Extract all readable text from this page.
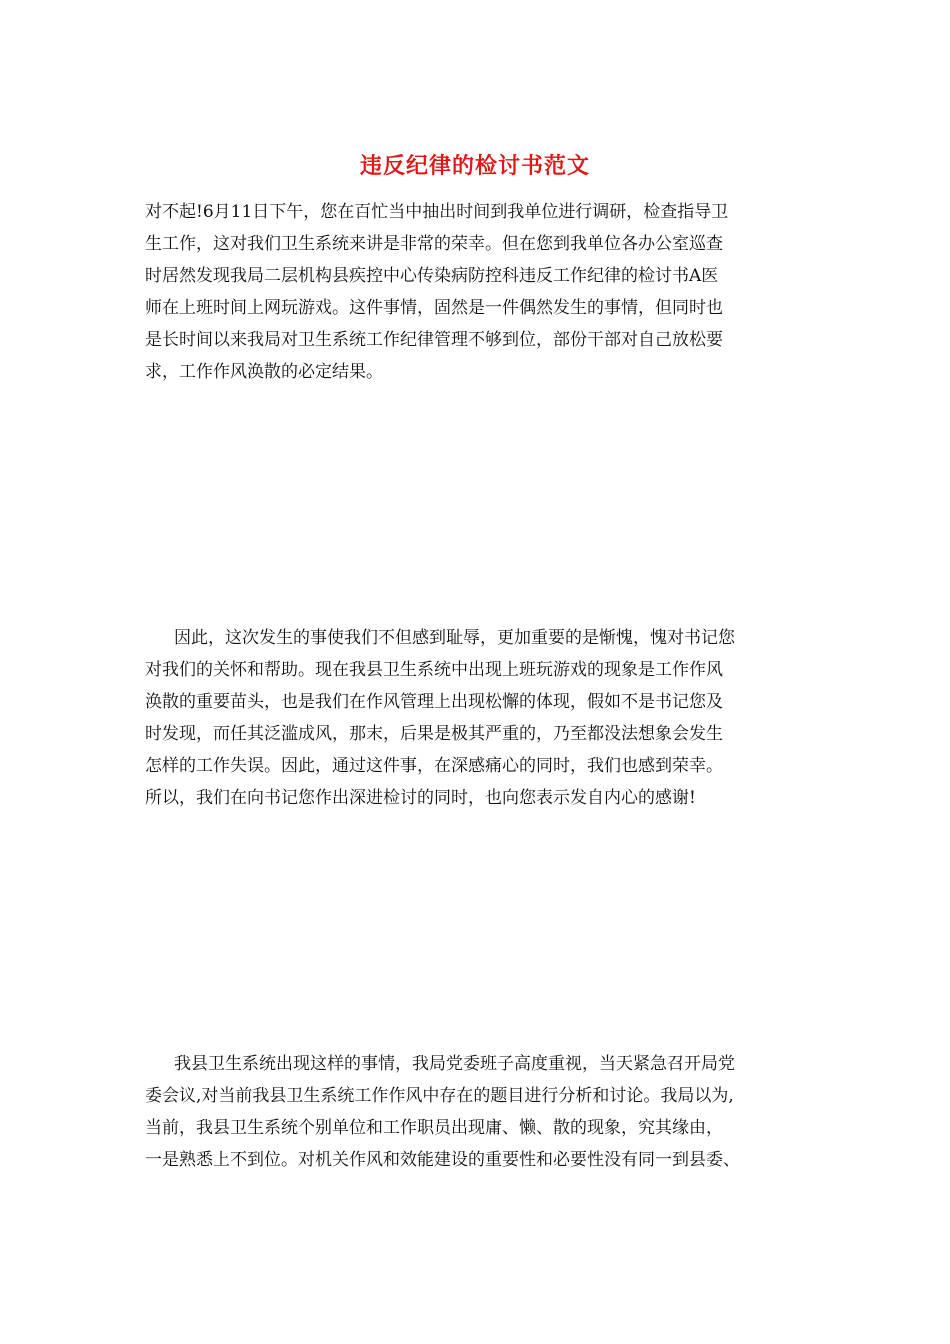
违反纪律的检讨书范文
对不起!6月11日下午，您在百忙当中抽出时间到我单位进行调研，检查指导卫
生工作，这对我们卫生系统来讲是非常的荣幸。但在您到我单位各办公室巡查
时居然发现我局二层机构县疾控中心传染病防控科违反工作纪律的检讨书A医
师在上班时间上网玩游戏。这件事情，固然是一件偶然发生的事情，但同时也
是长时间以来我局对卫生系统工作纪律管理不够到位，部份干部对自己放松要
求，工作作风涣散的必定结果。
因此，这次发生的事使我们不但感到耻辱，更加重要的是惭愧，愧对书记您
对我们的关怀和帮助。现在我县卫生系统中出现上班玩游戏的现象是工作作风
涣散的重要苗头，也是我们在作风管理上出现松懈的体现，假如不是书记您及
时发现，而任其泛滥成风，那末，后果是极其严重的，乃至都没法想象会发生
怎样的工作失误。因此，通过这件事，在深感痛心的同时，我们也感到荣幸。
所以，我们在向书记您作出深进检讨的同时，也向您表示发自内心的感谢!
我县卫生系统出现这样的事情，我局党委班子高度重视，当天紧急召开局党
委会议,对当前我县卫生系统工作作风中存在的题目进行分析和讨论。我局以为,
当前，我县卫生系统个别单位和工作职员出现庸、懒、散的现象，究其缘由，
一是熟悉上不到位。对机关作风和效能建设的重要性和必要性没有同一到县委、
